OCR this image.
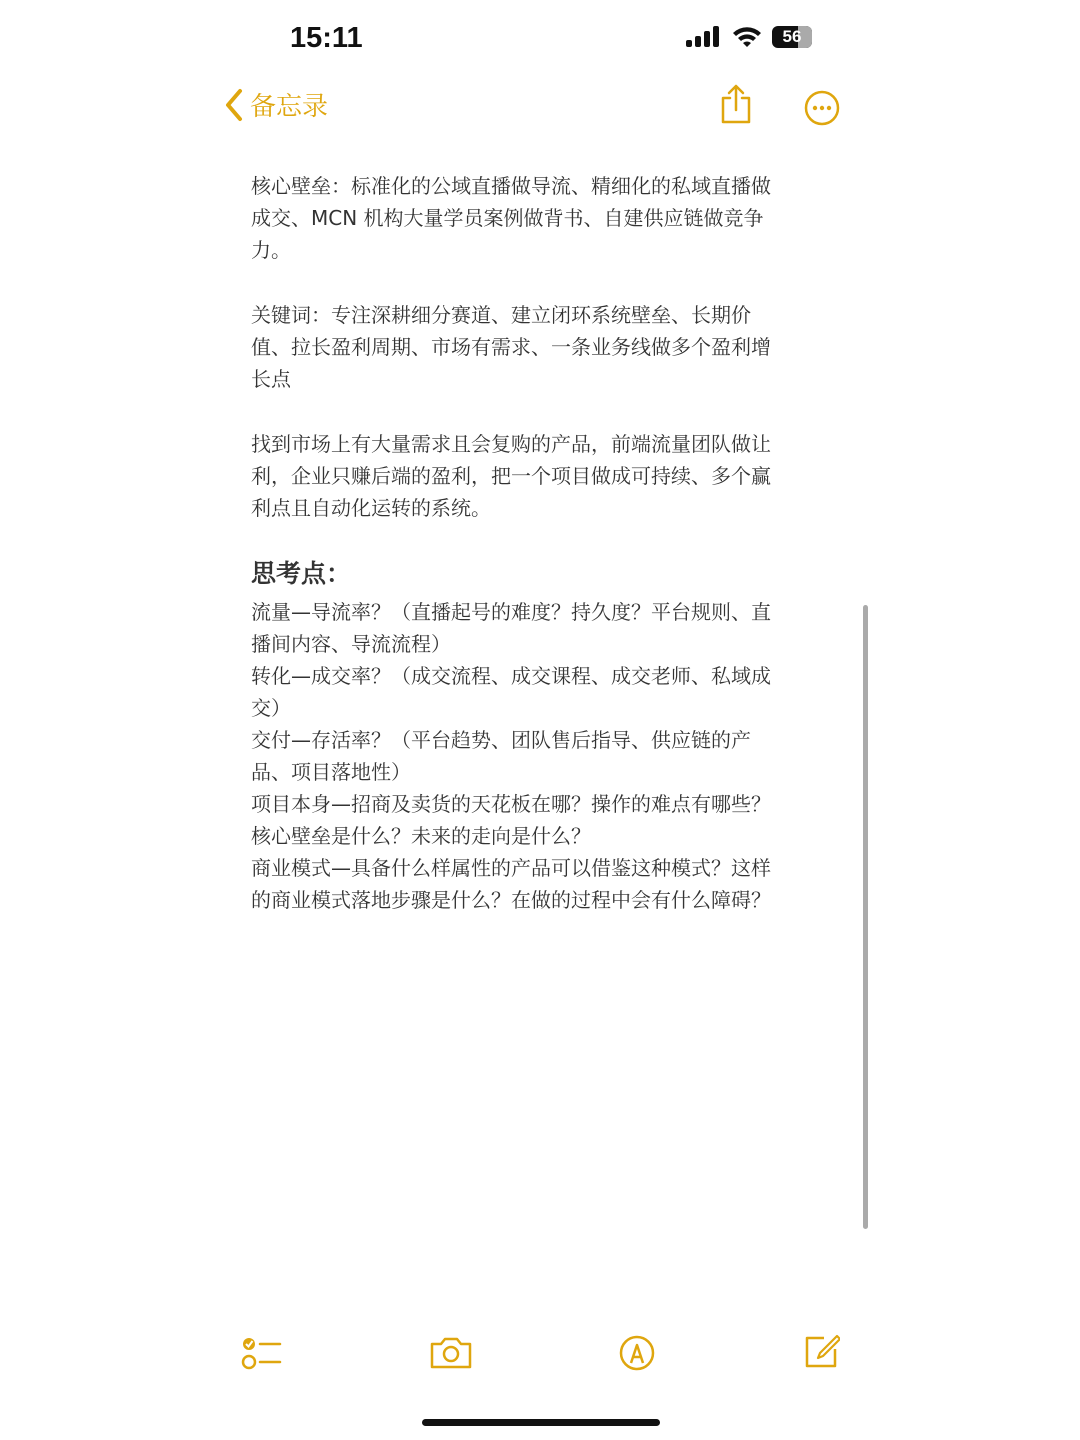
15:11	56
备忘录
核心壁垒：标准化的公域直播做导流、精细化的私域直播做
成交、MCN 机构大量学员案例做背书、自建供应链做竞争
力。
关键词：专注深耕细分赛道、建立闭环系统壁垒、长期价
值、拉长盈利周期、市场有需求、一条业务线做多个盈利增
长点
找到市场上有大量需求且会复购的产品，前端流量团队做让
利，企业只赚后端的盈利，把一个项目做成可持续、多个赢
利点且自动化运转的系统。
思考点：
流量—导流率？（直播起号的难度？持久度？平台规则、直
播间内容、导流流程）
转化—成交率？（成交流程、成交课程、成交老师、私域成
交）
交付—存活率？（平台趋势、团队售后指导、供应链的产
品、项目落地性）
项目本身—招商及卖货的天花板在哪？操作的难点有哪些？
核心壁垒是什么？未来的走向是什么？
商业模式—具备什么样属性的产品可以借鉴这种模式？这样
的商业模式落地步骤是什么？在做的过程中会有什么障碍？
